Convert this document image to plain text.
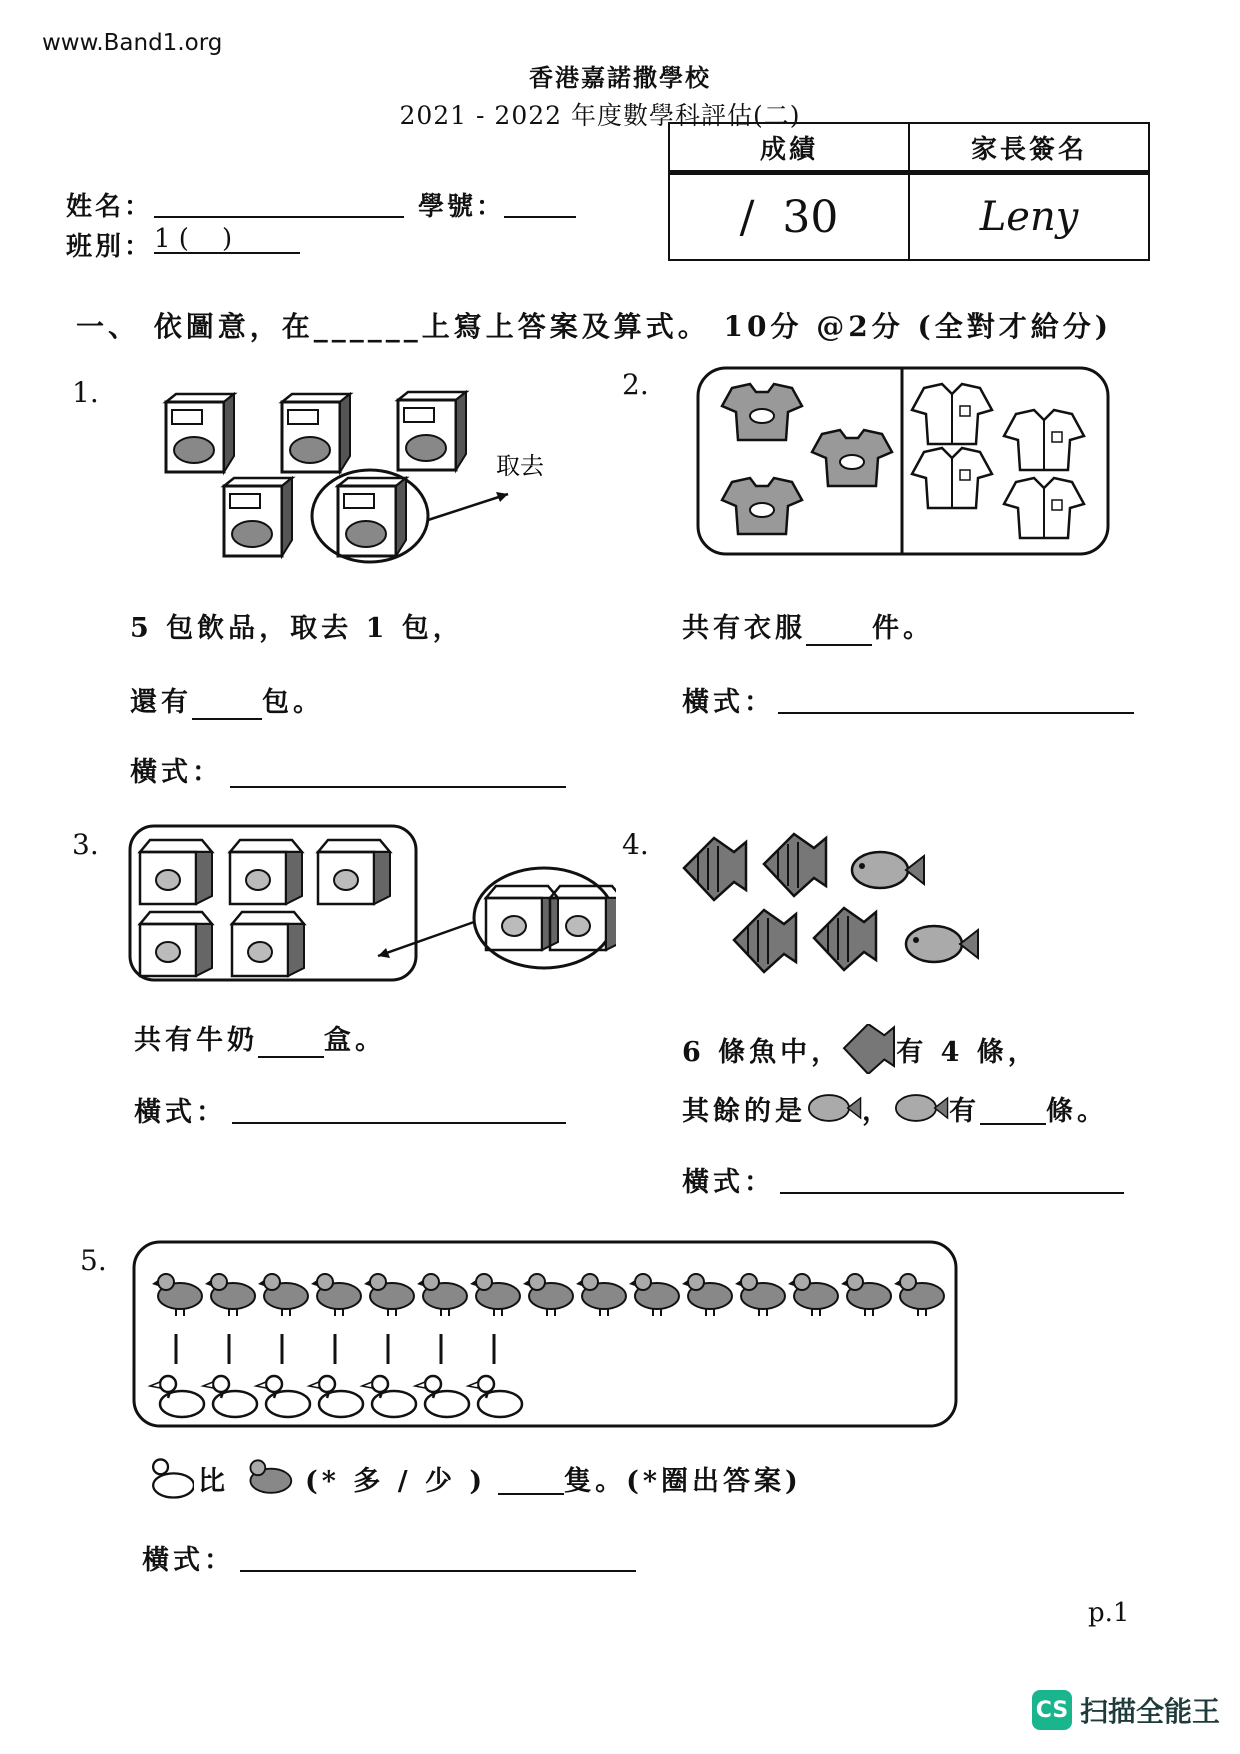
www.Band1.org
香港嘉諾撒學校
2021 - 2022 年度數學科評估(二)
成績	家長簽名
/  30	Leny
姓名：	學號：
班別： 1 (    )
一、 依圖意，在______上寫上答案及算式。 10分 @2分 (全對才給分)
1.
取去
5 包飲品，取去 1 包，
還有	包。
橫式：
2.
共有衣服 件。
橫式：
3.
共有牛奶 盒。
橫式：
4.
6 條魚中， 有 4 條，
其餘的是 ， 有
條。
橫式：
5.
比	(* 多 / 少 )
	隻。 (*圈出答案)
橫式：
p.1
CS 扫描全能王
